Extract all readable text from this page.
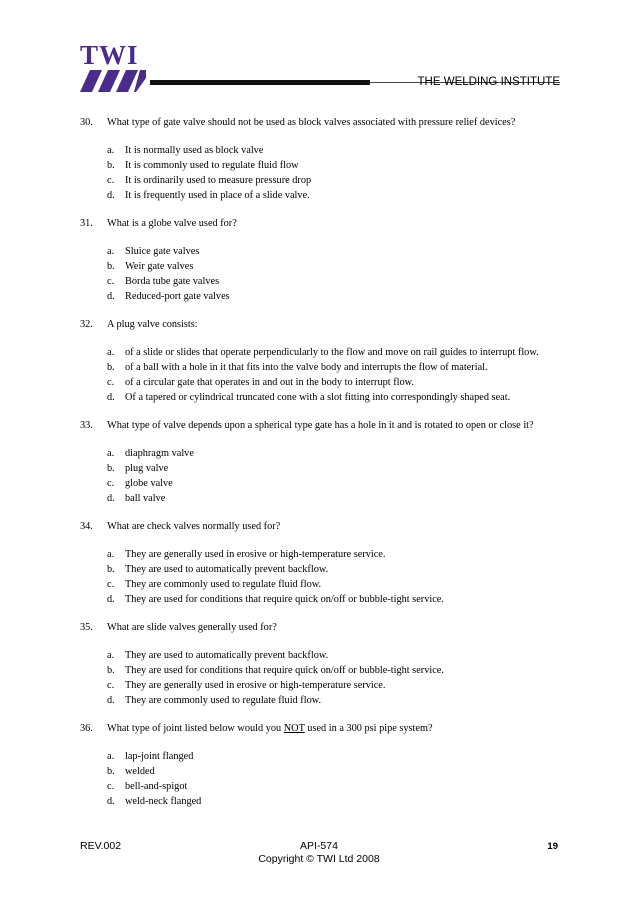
TWI
THE WELDING INSTITUTE
30.	What type of gate valve should not be used as block valves associated with pressure relief devices?
a.	It is normally used as block valve
b. It is commonly used to regulate fluid flow
c.	It is ordinarily used to measure pressure drop
d. It is frequently used in place of a slide valve.
31.	What is a globe valve used for?
a.	Sluice gate valves
b. Weir gate valves
c.	Borda tube gate valves
d. Reduced-port gate valves
32.	A plug valve consists:
a.	of a slide or slides that operate perpendicularly to the flow and move on rail guides to interrupt flow.
b. of a ball with a hole in it that fits into the valve body and interrupts the flow of material.
c.	of a circular gate that operates in and out in the body to interrupt flow.
d. Of a tapered or cylindrical truncated cone with a slot fitting into correspondingly shaped seat.
33.	What type of valve depends upon a spherical type gate has a hole in it and is rotated to open or close it?
a.	diaphragm valve
b. plug valve
c.	globe valve
d. ball valve
34.	What are check valves normally used for?
a.	They are generally used in erosive or high-temperature service.
b. They are used to automatically prevent backflow.
c.	They are commonly used to regulate fluid flow.
d. They are used for conditions that require quick on/off or bubble-tight service.
35.	What are slide valves generally used for?
a.	They are used to automatically prevent backflow.
b. They are used for conditions that require quick on/off or bubble-tight service.
c.	They are generally used in erosive or high-temperature service.
d. They are commonly used to regulate fluid flow.
36.	What type of joint listed below would you NOT used in a 300 psi pipe system?
a.	lap-joint flanged
b. welded
c.	bell-and-spigot
d. weld-neck flanged
REV.002	API-574	19
Copyright © TWI Ltd 2008
